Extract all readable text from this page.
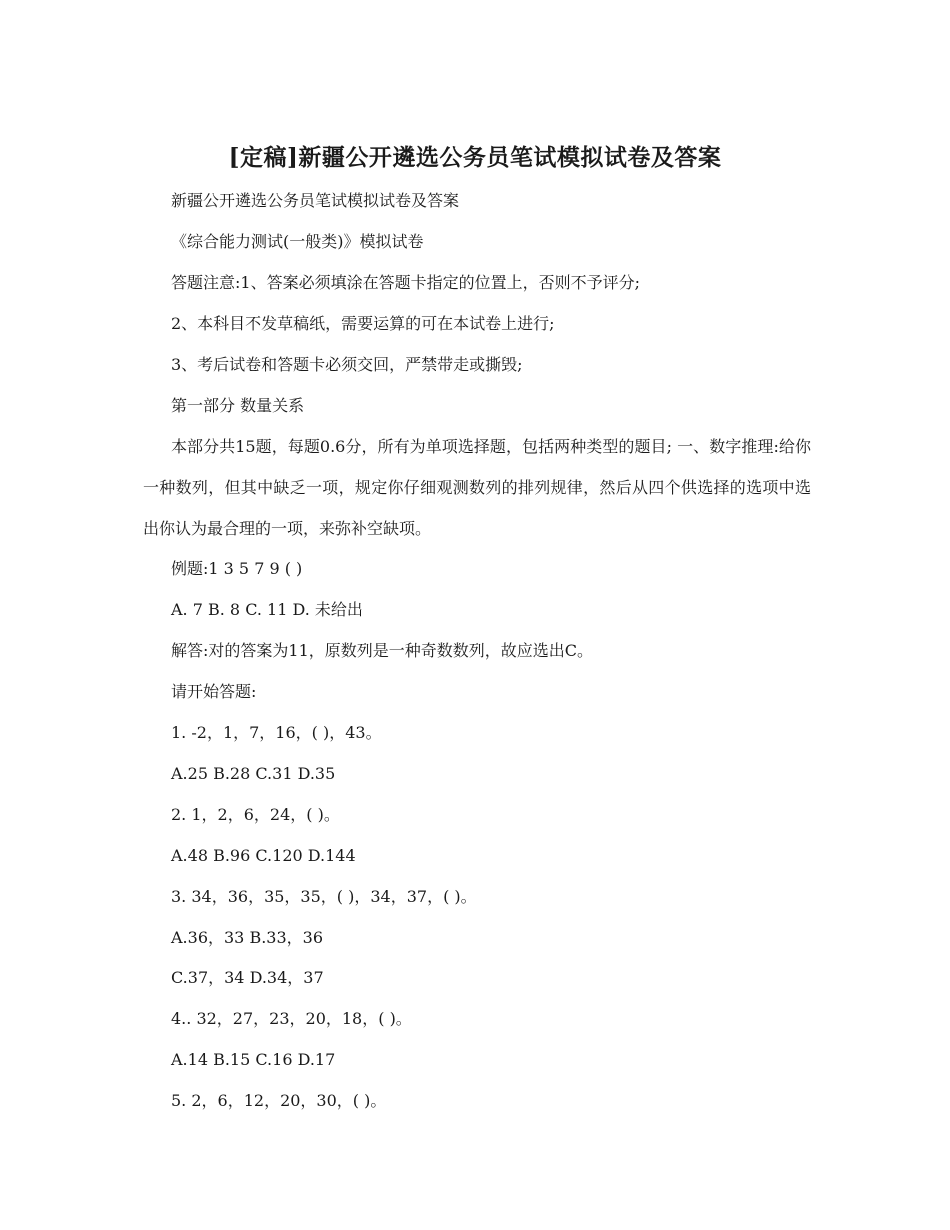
[定稿]新疆公开遴选公务员笔试模拟试卷及答案
新疆公开遴选公务员笔试模拟试卷及答案
《综合能力测试(一般类)》模拟试卷
答题注意:1、答案必须填涂在答题卡指定的位置上，否则不予评分;
2、本科目不发草稿纸，需要运算的可在本试卷上进行;
3、考后试卷和答题卡必须交回，严禁带走或撕毁;
第一部分 数量关系
本部分共15题，每题0.6分，所有为单项选择题，包括两种类型的题目; 一、数字推理:给你一种数列，但其中缺乏一项，规定你仔细观测数列的排列规律，然后从四个供选择的选项中选出你认为最合理的一项，来弥补空缺项。
例题:1 3 5 7 9 ( )
A. 7 B. 8 C. 11 D. 未给出
解答:对的答案为11，原数列是一种奇数数列，故应选出C。
请开始答题:
1. -2，1，7，16，( )，43。
A.25 B.28 C.31 D.35
2. 1，2，6，24，( )。
A.48 B.96 C.120 D.144
3. 34，36，35，35，( )，34，37，( )。
A.36，33 B.33，36
C.37，34 D.34，37
4.. 32，27，23，20，18，( )。
A.14 B.15 C.16 D.17
5. 2，6，12，20，30，( )。
